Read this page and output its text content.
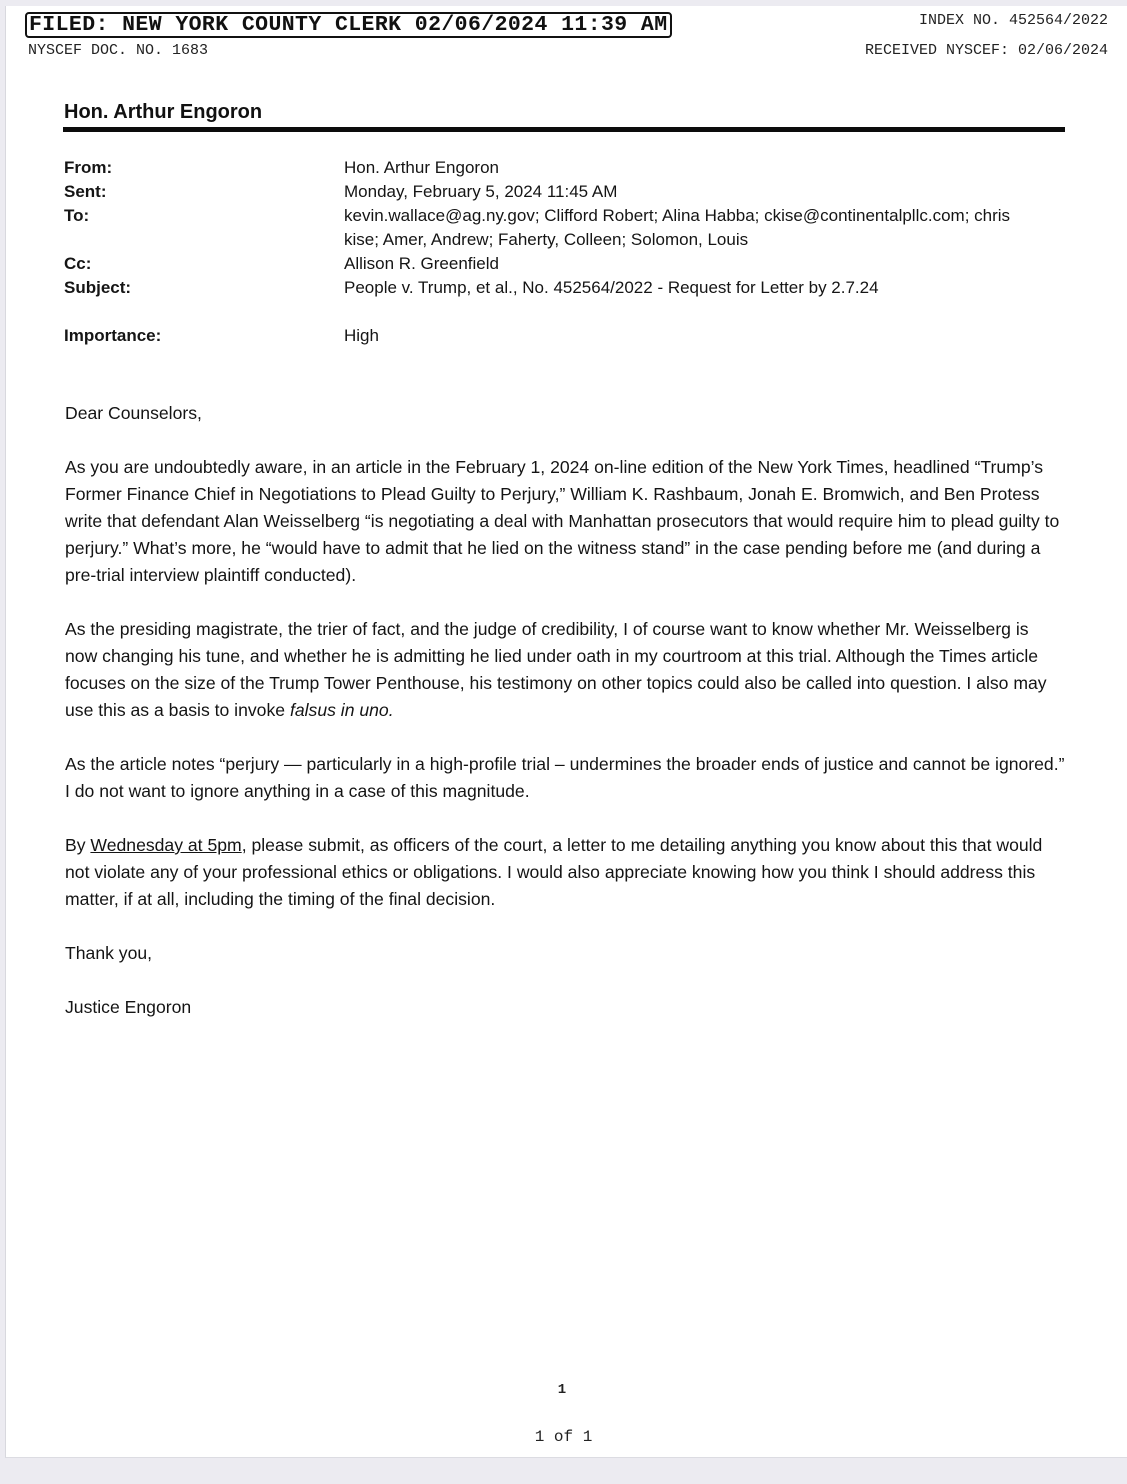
FILED: NEW YORK COUNTY CLERK 02/06/2024 11:39 AM
NYSCEF DOC. NO. 1683
INDEX NO. 452564/2022
RECEIVED NYSCEF: 02/06/2024
Hon. Arthur Engoron
From:	Hon. Arthur Engoron
Sent:	Monday, February 5, 2024 11:45 AM
To:	kevin.wallace@ag.ny.gov; Clifford Robert; Alina Habba; ckise@continentalpllc.com; chris
kise; Amer, Andrew; Faherty, Colleen; Solomon, Louis
Cc:	Allison R. Greenfield
Subject:	People v. Trump, et al., No. 452564/2022 - Request for Letter by 2.7.24
Importance:	High

Dear Counselors,

As you are undoubtedly aware, in an article in the February 1, 2024 on-line edition of the New York Times, headlined “Trump’s Former Finance Chief in Negotiations to Plead Guilty to Perjury,” William K. Rashbaum, Jonah E. Bromwich, and Ben Protess write that defendant Alan Weisselberg “is negotiating a deal with Manhattan prosecutors that would require him to plead guilty to perjury.” What’s more, he “would have to admit that he lied on the witness stand” in the case pending before me (and during a pre-trial interview plaintiff conducted).

As the presiding magistrate, the trier of fact, and the judge of credibility, I of course want to know whether Mr. Weisselberg is now changing his tune, and whether he is admitting he lied under oath in my courtroom at this trial. Although the Times article focuses on the size of the Trump Tower Penthouse, his testimony on other topics could also be called into question. I also may use this as a basis to invoke falsus in uno.

As the article notes “perjury — particularly in a high-profile trial – undermines the broader ends of justice and cannot be ignored.” I do not want to ignore anything in a case of this magnitude.

By Wednesday at 5pm, please submit, as officers of the court, a letter to me detailing anything you know about this that would not violate any of your professional ethics or obligations. I would also appreciate knowing how you think I should address this matter, if at all, including the timing of the final decision.

Thank you,

Justice Engoron

1
1 of 1
